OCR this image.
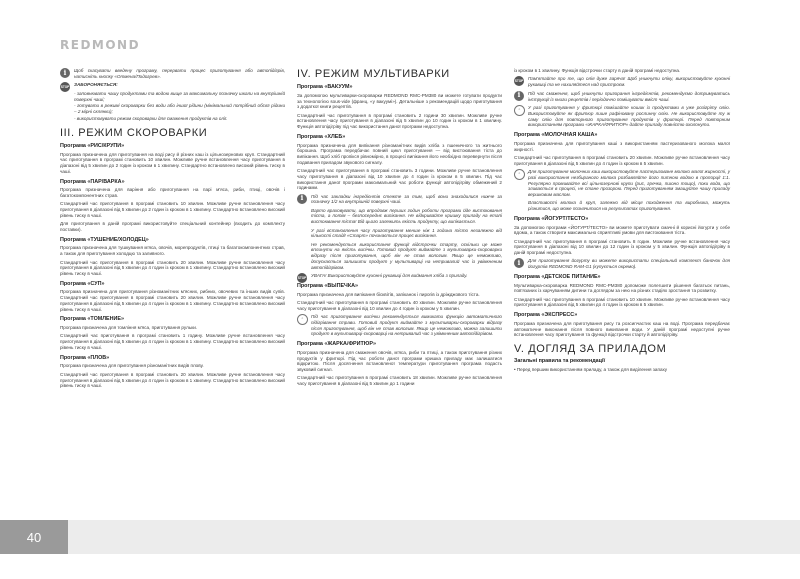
REDMOND
i	Щоб скасувати введену програму, перервати процес приготування або автопідігрів, натисніть кнопку «Отмена/Подогрев».

STOP ЗАБОРОНЯЄТЬСЯ:

- заповнювати чашу продуктами та водою вище за максимальну позначку шкали на внутрішній поверхні чаші;

- готувати в режимі скороварки без води або іншої рідини (мінімальний потрібний обсяг рідини – 2 мірні склянки);

- використовувати режим скороварки для смаження продуктів на олії.

III. РЕЖИМ СКОРОВАРКИ
Програма «РИС/КРУПИ»

Програма призначена для приготування на воді рису й різних каш із цільнозернових круп. Стандартний час приготування в програмі становить 10 хвилин. Можливе ручне встановлення часу приготування в діапазоні від 5 хвилин до 2 годин із кроком в 1 хвилину. Стандартно встановлено високий рівень тиску в чаші.

Програма «ПАР/ВАРКА»

Програма призначена для варіння або приготування на парі м'яса, риби, птиці, овочів і багатокомпонентних страв.

Стандартний час приготування в програмі становить 10 хвилин. Можливе ручне встановлення часу приготування в діапазоні від 5 хвилин до 2 годин із кроком в 1 хвилину. Стандартно встановлено високий рівень тиску в чаші.

Для приготування в даній програмі використовуйте спеціальний контейнер (входить до комплекту поставки).

Програма «ТУШЕНИЕ/ХОЛОДЕЦ»

Програма призначена для тушкування м'яса, овочів, морепродуктів, птиці та багатокомпонентних страв, а також для приготування холодцю та заливного.

Стандартний час приготування в програмі становить 20 хвилин. Можливе ручне встановлення часу приготування в діапазоні від 5 хвилин до 4 годин із кроком в 1 хвилину. Стандартно встановлено високий рівень тиску в чаші.

Програма «СУП»

Програма призначена для приготування різноманітних м'ясних, рибних, овочевих та інших видів супів. Стандартний час приготування в програмі становить 20 хвилин. Можливе ручне встановлення часу приготування в діапазоні від 5 хвилин до 4 годин із кроком в 1 хвилину. Стандартно встановлено високий рівень тиску в чаші.

Програма «ТОМЛЕНИЕ»

Програма призначена для томління м'яса, приготування рульки.

Стандартний час приготування в програмі становить 1 годину. Можливе ручне встановлення часу приготування в діапазоні від 5 хвилин до 4 годин із кроком в 1 хвилину. Стандартно встановлено високий рівень тиску в чаші.

Програма «ПЛОВ»

Програма призначена для приготування різноманітних видів плову.

Стандартний час приготування в програмі становить 20 хвилин. Можливе ручне встановлення часу приготування в діапазоні від 5 хвилин до 4 годин із кроком в 1 хвилину. Стандартно встановлено високий рівень тиску в чаші.

IV. РЕЖИМ МУЛЬТИВАРКИ
Програма «ВАКУУМ»

За допомогою мультиварки-скороварки REDMOND RMC-PM380 ви можете готувати продукти за технологією sous-vide (франц. «у вакуумі»). Детальніше з рекомендацій щодо приготування з додаткої книги рецептів.

Стандартний час приготування в програмі становить 2 години 30 хвилин. Можливе ручне встановлення часу приготування в діапазоні від 5 хвилин до 10 годин із кроком в 1 хвилину. Функція автопідігріву під час використання даної програми недоступна.

Програма «ХЛЕБ»

Програма призначена для випікання різноманітних видів хліба з пшеничного та житнього борошна. Програма передбачає повний цикл приготування — від вистоювання тіста до випікання. Щоб хліб пропікся рівномірно, в процесі випікання його необхідно перевернути після подавання приладом звукового сигналу.

Стандартний час приготування в програмі становить 3 години. Можливе ручне встановлення часу приготування в діапазоні від 10 хвилин до 4 годин із кроком в 5 хвилин. Під час використання даної програми максимальний час роботи функції автопідігріву обмежений 2 годинами.

i	Під час закладки інгредієнтів стежте за тим, щоб вони знаходилися нижче за позначку 1/2 на внутрішній поверхні чаші.

Варто враховувати, що впродовж перших годин роботи програми йде вистоювання тіста, а потім – безпосереднє випікання. Не відкривайте кришку приладу на етапі вистоювання тіста! Від цього залежить якість продукту, що випікається.

У разі встановлення часу приготування менше ніж 1 година тісто незалежно від кількості стадії «Старт» починається процес випікання.

Не рекомендується використання функції відстрочки старту, оскільки це може вплинути на якість випічки. Готовий продукт виймайте з мультиварки-скороварки відразу після приготування, щоб він не став вологим. Якщо це неможливо, допускається залишити продукт у мультиварці на нетривалий час із увімкненим автопідігрівом.

STOP УВАГА! Використовуйте кухонні рукавиці для виймання хліба з приладу.

Програма «ВЫПЕЧКА»

Програма призначена для випікання бісквітів, запіканок і пирогів із дріжджового тіста.

Стандартний час приготування в програмі становить 40 хвилин. Можливе ручне встановлення часу приготування в діапазоні від 10 хвилин до 4 годин із кроком у 5 хвилин.

◦	Під час приготування випічки рекомендується вимикати функцію автоматичного підігрівання страви. Готовий продукт виймайте з мультиварки-скороварки відразу після приготування, щоб він не став вологим. Якщо це неможливо, можна залишити продукт в мультиварці-скороварці на нетривалий час з увімкненим автопідігрівом.

Програма «ЖАРКА/ФРИТЮР»

Програма призначена для смаження овочів, м'яса, риби та птиці, а також приготування різних продуктів у фритюрі. Під час роботи даної програми кришка приладу має залишатися відкритою. Після досягнення встановленої температури приготування програма подасть звуковий сигнал.

Стандартний час приготування в програмі становить 18 хвилин. Можливе ручне встановлення часу приготування в діапазоні від 5 хвилин до 1 години

із кроком в 1 хвилину. Функція відстрочки старту в даній програмі недоступна.

STOP Пам'ятайте про те, що олія дуже гаряча! Щоб уникнути опіку, використовуйте кухонні рукавиці та не нахиляйтеся над пристроєм.

i	Під час смаження, щоб уникнути пригорання інгредієнтів, рекомендуємо дотримуватись інструкції із книги рецептів і періодично помішувати вміст чаші.

◦	У разі приготування у фритюрі помішайте кошик із продуктами в уже розігріту олію. Використовуйте як фритюр лише рафіновану рослинну олію. Не використовуйте ту ж саму олію для повторного приготування продуктів у фритюрі. Перед повторним використанням програми «ЖАРКА/ФРИТЮР» дайте приладу повністю охолонути.

Програма «МОЛОЧНАЯ КАША»

Програма призначена для приготування каші з використанням пастеризованого молока малої жирності.

Стандартний час приготування в програмі становить 20 хвилин. Можливе ручне встановлення часу приготування в діапазоні від 5 хвилин до 4 годин із кроком в 5 хвилин.

◦	Для приготування молочних каш використовуйте пастеризоване молоко малої жирності, у разі використання незбираного молока розбавляйте його питною водою в пропорції 1:1. Регулярно промивайте всі цільнозернові крупи (рис, гречка, пшоно тощо), поки вода, що зливається в процесі, не стане прозорою. Перед приготуванням змащуйте чашу приладу вершковим маслом.

Властивості молока й круп, залежно від місця походження та виробника, можуть різнитися, що може позначитися на результатах приготування.

Програма «ЙОГУРТ/ТЕСТО»

За допомогою програми «ЙОГУРТ/ТЕСТО» ви можете приготувати смачні й корисні йогурти у себе вдома, а також створити максимально сприятливі умови для вистоювання тіста.

Стандартний час приготування в програмі становить 8 годин. Можливе ручне встановлення часу приготування в діапазоні від 10 хвилин до 12 годин із кроком у 5 хвилин. Функція автопідігріву в даній програмі недоступна.

i	Для приготування йогурту ви можете використати спеціальний комплект баночок для йогуртів REDMOND RAM-G1 (купується окремо).

Програма «ДЕТСКОЕ ПИТАНИЕ»

Мультиварка-скороварка REDMOND RMC-PM380 допоможе полегшити рішення багатьох питань, пов'язаних із харчуванням дитини та доглядом за нею на різних стадіях зростання та розвитку.

Стандартний час приготування в програмі становить 10 хвилин. Можливе ручне встановлення часу приготування в діапазоні від 5 хвилин до 4 годин із кроком в 5 хвилин.

Програма «ЭКСПРЕСС»

Програма призначена для приготування рису та розсипчастих каш на воді. Програма передбачає автоматичне виконання після повного википання води. У даній програмі недоступні ручне встановлення часу приготування та функції відстрочки старту й автопідігріву.

V. ДОГЛЯД ЗА ПРИЛАДОМ
Загальні правила та рекомендації

• Перед першим використанням приладу, а також для виділення запаху

40
